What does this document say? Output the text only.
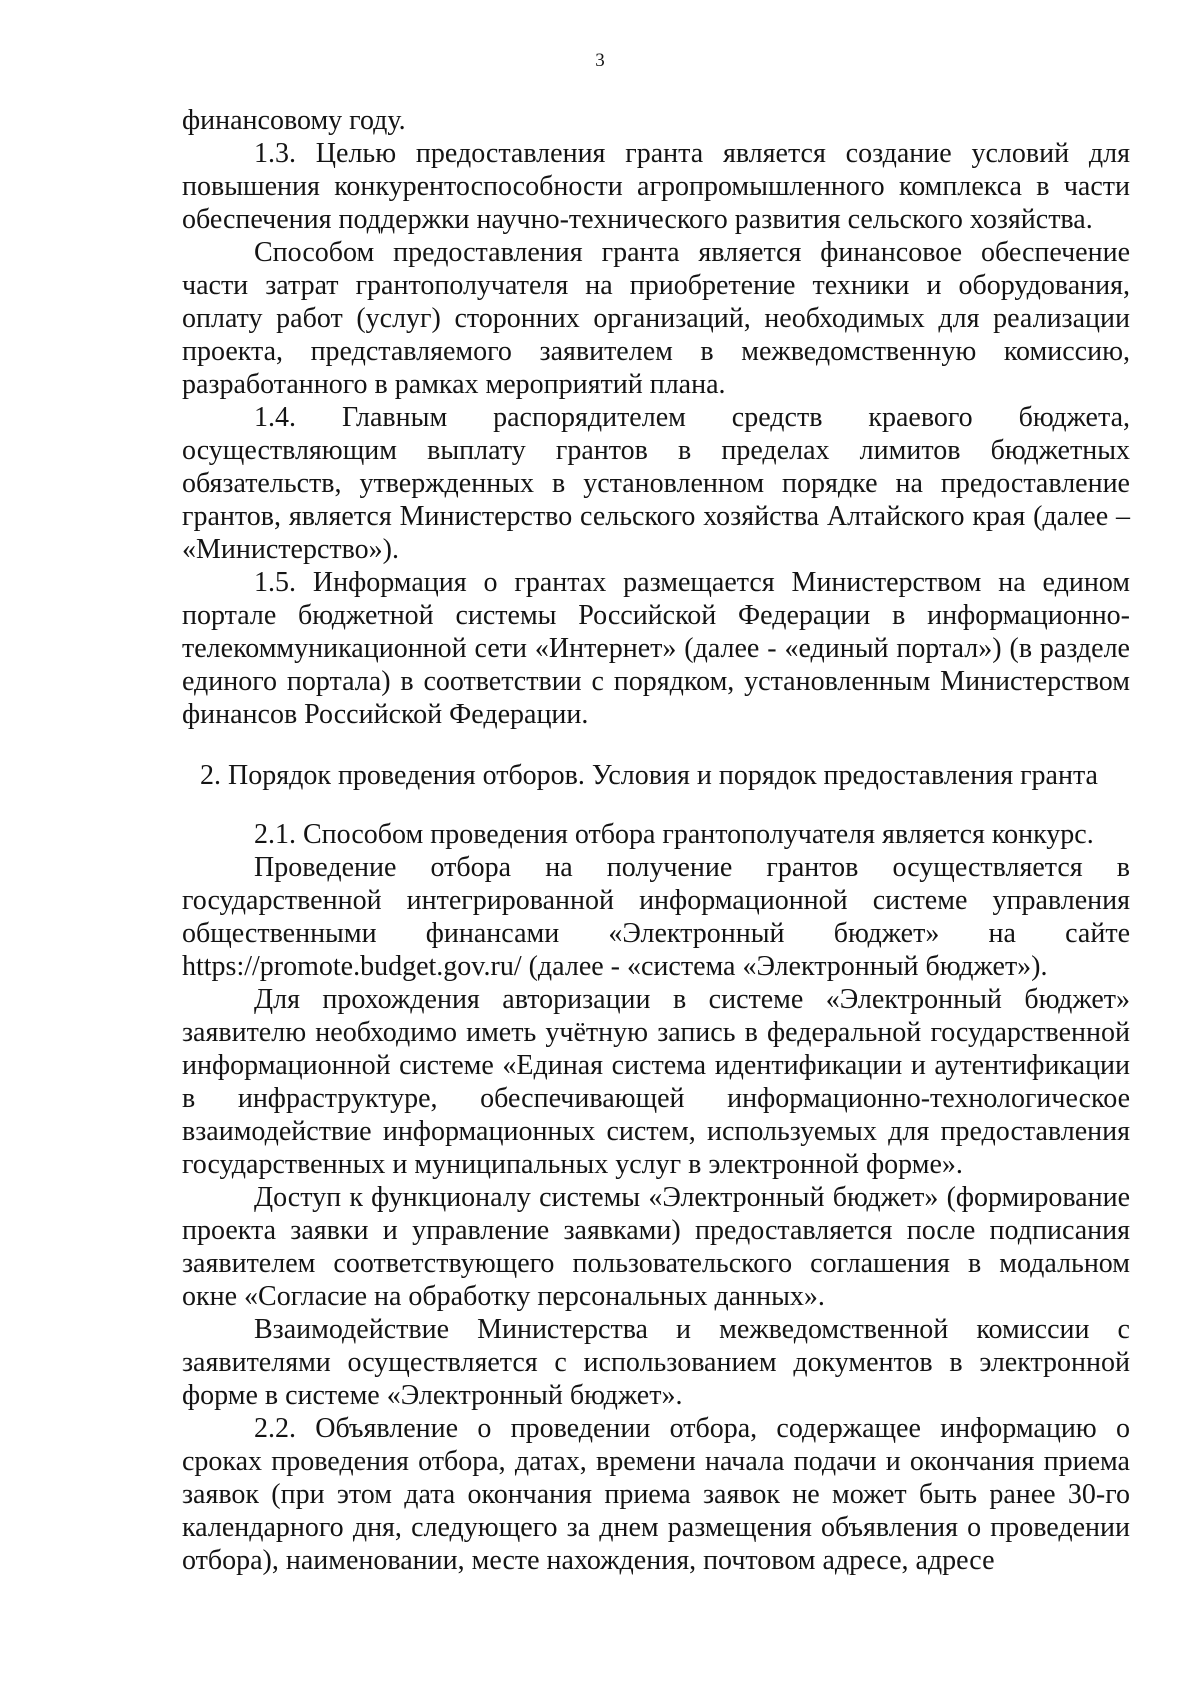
3

финансовому году.

1.3. Целью предоставления гранта является создание условий для повышения конкурентоспособности агропромышленного комплекса в части обеспечения поддержки научно-технического развития сельского хозяйства.

Способом предоставления гранта является финансовое обеспечение части затрат грантополучателя на приобретение техники и оборудования, оплату работ (услуг) сторонних организаций, необходимых для реализации проекта, представляемого заявителем в межведомственную комиссию, разработанного в рамках мероприятий плана.

1.4. Главным распорядителем средств краевого бюджета, осуществляющим выплату грантов в пределах лимитов бюджетных обязательств, утвержденных в установленном порядке на предоставление грантов, является Министерство сельского хозяйства Алтайского края (далее – «Министерство»).

1.5. Информация о грантах размещается Министерством на едином портале бюджетной системы Российской Федерации в информационно-телекоммуникационной сети «Интернет» (далее - «единый портал») (в разделе единого портала) в соответствии с порядком, установленным Министерством финансов Российской Федерации.

2. Порядок проведения отборов. Условия и порядок предоставления гранта

2.1. Способом проведения отбора грантополучателя является конкурс.

Проведение отбора на получение грантов осуществляется в государственной интегрированной информационной системе управления общественными финансами «Электронный бюджет» на сайте https://promote.budget.gov.ru/ (далее - «система «Электронный бюджет»).

Для прохождения авторизации в системе «Электронный бюджет» заявителю необходимо иметь учётную запись в федеральной государственной информационной системе «Единая система идентификации и аутентификации в инфраструктуре, обеспечивающей информационно-технологическое взаимодействие информационных систем, используемых для предоставления государственных и муниципальных услуг в электронной форме».

Доступ к функционалу системы «Электронный бюджет» (формирование проекта заявки и управление заявками) предоставляется после подписания заявителем соответствующего пользовательского соглашения в модальном окне «Согласие на обработку персональных данных».

Взаимодействие Министерства и межведомственной комиссии с заявителями осуществляется с использованием документов в электронной форме в системе «Электронный бюджет».

2.2. Объявление о проведении отбора, содержащее информацию о сроках проведения отбора, датах, времени начала подачи и окончания приема заявок (при этом дата окончания приема заявок не может быть ранее 30-го календарного дня, следующего за днем размещения объявления о проведении отбора), наименовании, месте нахождения, почтовом адресе, адресе
